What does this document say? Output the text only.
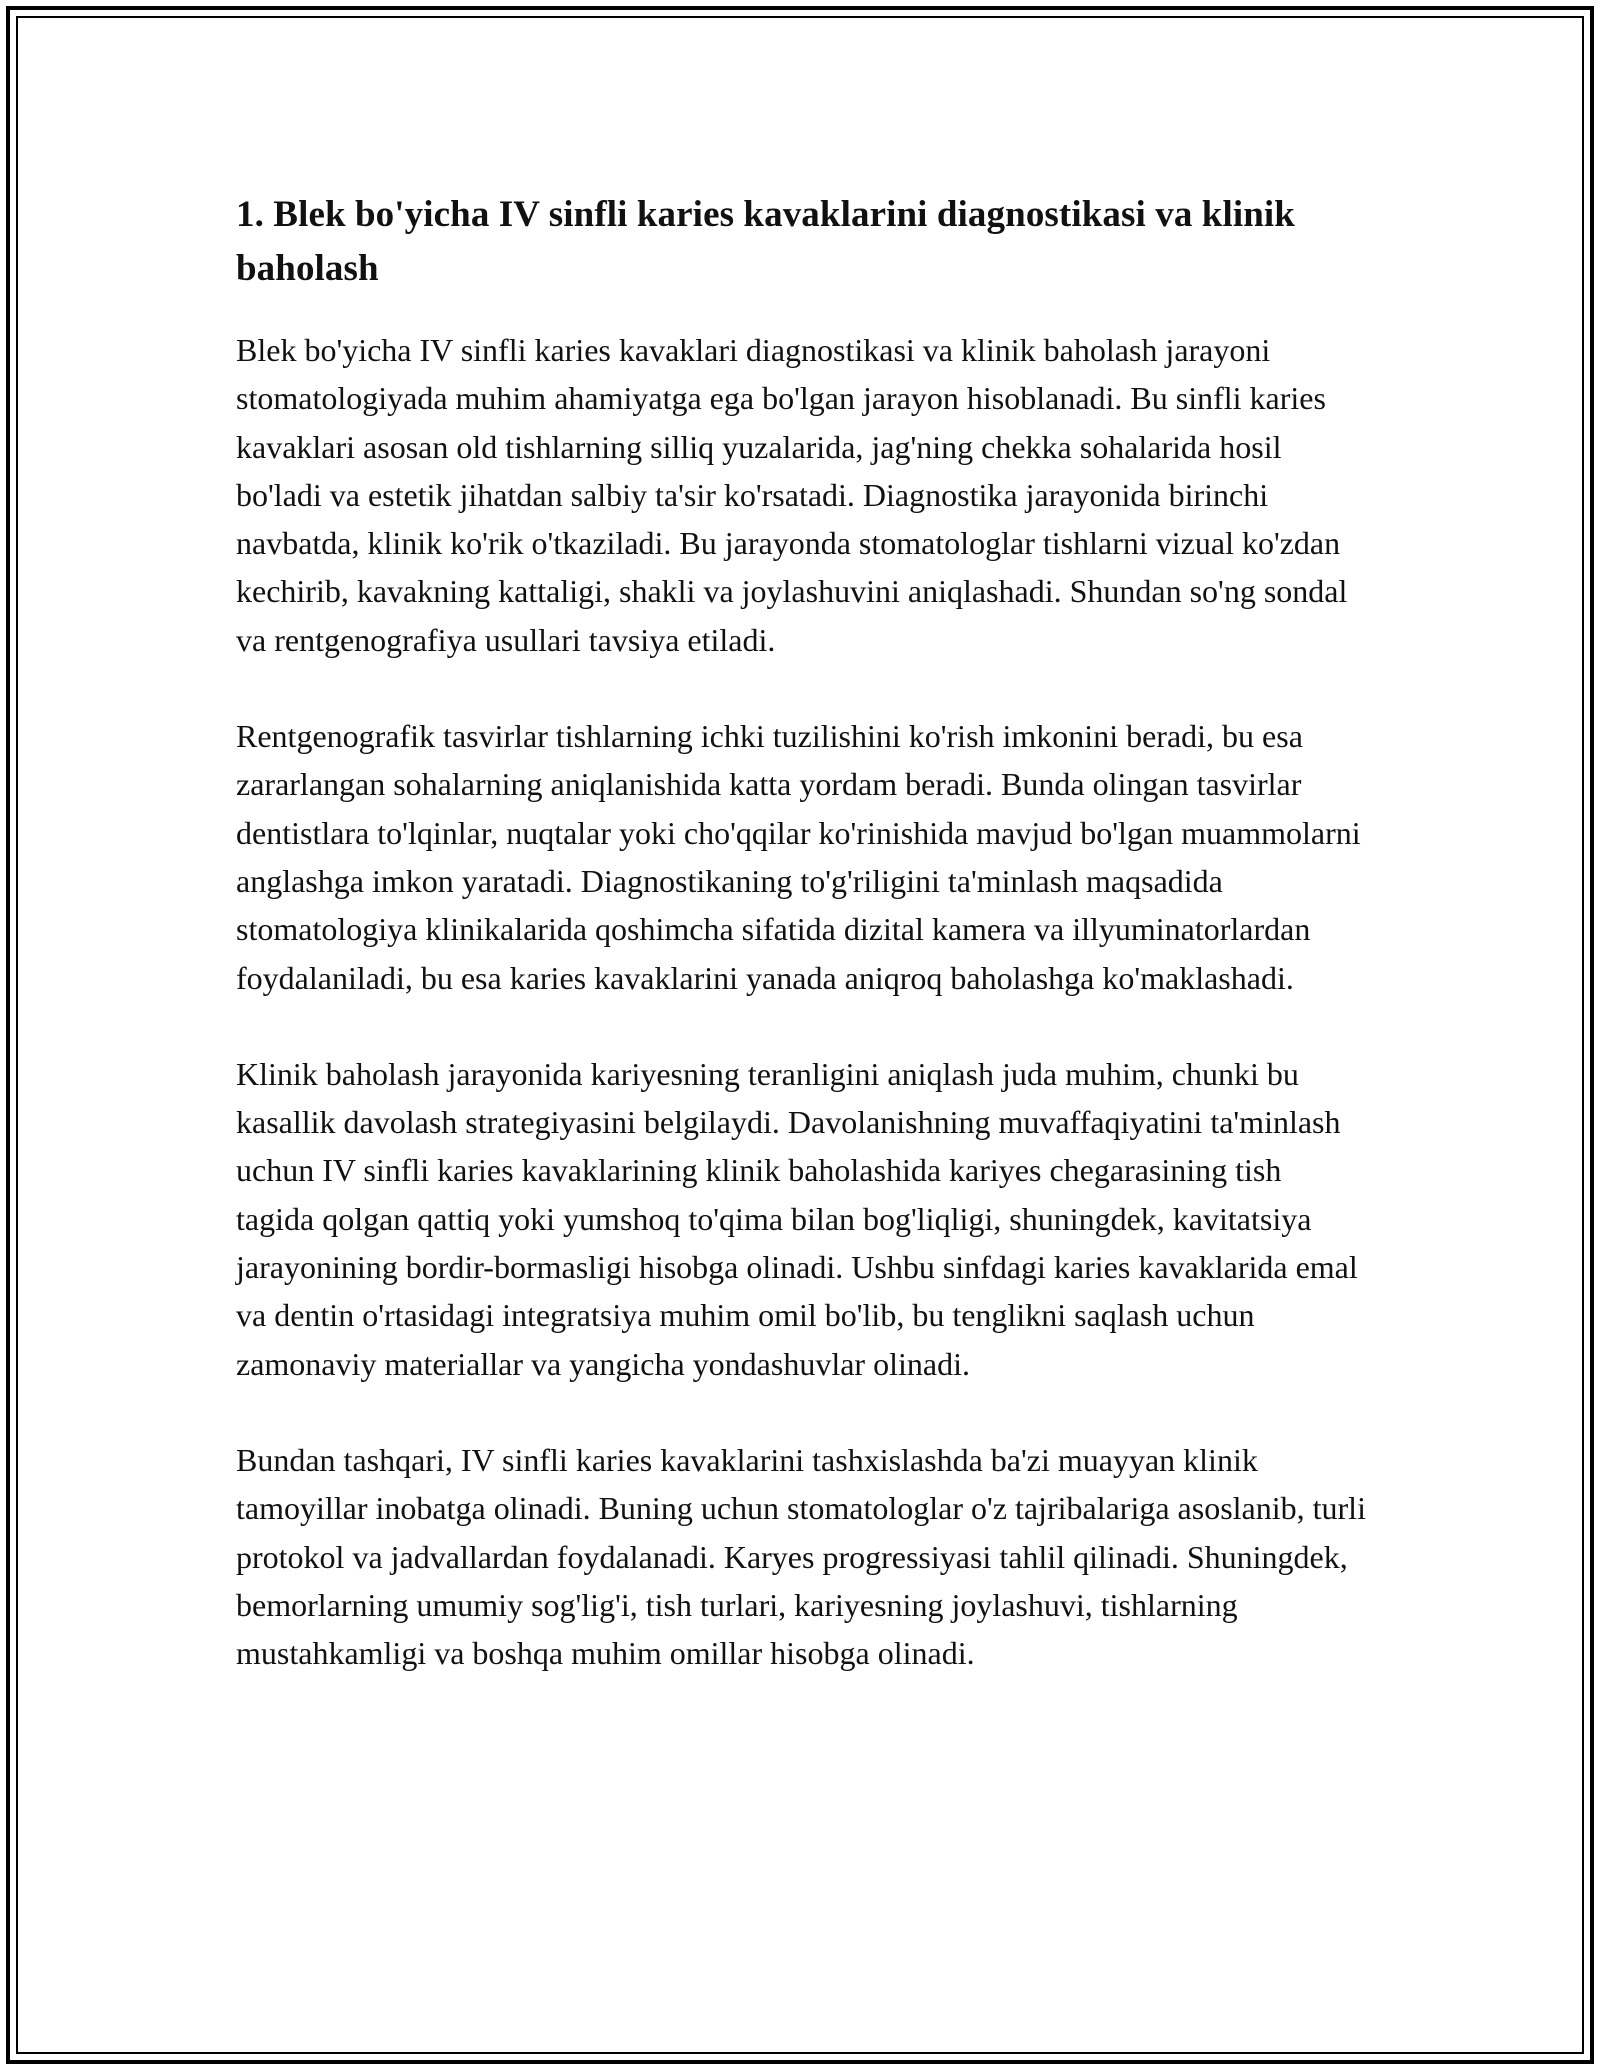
1. Blek bo'yicha IV sinfli karies kavaklarini diagnostikasi va klinik baholash

Blek bo'yicha IV sinfli karies kavaklari diagnostikasi va klinik baholash jarayoni stomatologiyada muhim ahamiyatga ega bo'lgan jarayon hisoblanadi. Bu sinfli karies kavaklari asosan old tishlarning silliq yuzalarida, jag'ning chekka sohalarida hosil bo'ladi va estetik jihatdan salbiy ta'sir ko'rsatadi. Diagnostika jarayonida birinchi navbatda, klinik ko'rik o'tkaziladi. Bu jarayonda stomatologlar tishlarni vizual ko'zdan kechirib, kavakning kattaligi, shakli va joylashuvini aniqlashadi. Shundan so'ng sondal va rentgenografiya usullari tavsiya etiladi.

Rentgenografik tasvirlar tishlarning ichki tuzilishini ko'rish imkonini beradi, bu esa zararlangan sohalarning aniqlanishida katta yordam beradi. Bunda olingan tasvirlar dentistlara to'lqinlar, nuqtalar yoki cho'qqilar ko'rinishida mavjud bo'lgan muammolarni anglashga imkon yaratadi. Diagnostikaning to'g'riligini ta'minlash maqsadida stomatologiya klinikalarida qoshimcha sifatida dizital kamera va illyuminatorlardan foydalaniladi, bu esa karies kavaklarini yanada aniqroq baholashga ko'maklashadi.

Klinik baholash jarayonida kariyesning teranligini aniqlash juda muhim, chunki bu kasallik davolash strategiyasini belgilaydi. Davolanishning muvaffaqiyatini ta'minlash uchun IV sinfli karies kavaklarining klinik baholashida kariyes chegarasining tish tagida qolgan qattiq yoki yumshoq to'qima bilan bog'liqligi, shuningdek, kavitatsiya jarayonining bordir-bormasligi hisobga olinadi. Ushbu sinfdagi karies kavaklarida emal va dentin o'rtasidagi integratsiya muhim omil bo'lib, bu tenglikni saqlash uchun zamonaviy materiallar va yangicha yondashuvlar olinadi.

Bundan tashqari, IV sinfli karies kavaklarini tashxislashda ba'zi muayyan klinik tamoyillar inobatga olinadi. Buning uchun stomatologlar o'z tajribalariga asoslanib, turli protokol va jadvallardan foydalanadi. Karyes progressiyasi tahlil qilinadi. Shuningdek, bemorlarning umumiy sog'lig'i, tish turlari, kariyesning joylashuvi, tishlarning mustahkamligi va boshqa muhim omillar hisobga olinadi.
